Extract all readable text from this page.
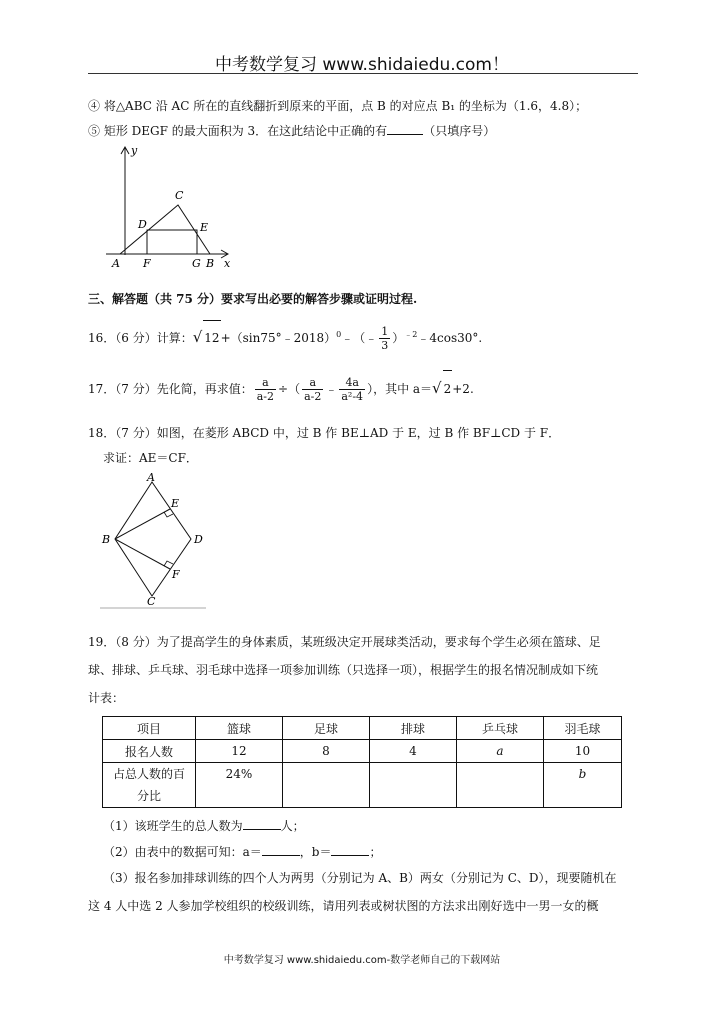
中考数学复习 www.shidaiedu.com！
④ 将△ABC 沿 AC 所在的直线翻折到原来的平面，点 B 的对应点 B₁ 的坐标为（1.6，4.8）；
⑤ 矩形 DEGF 的最大面积为 3．在这此结论中正确的有	（只填序号）
y
C
D	E
A F	G B x
三、解答题（共 75 分）要求写出必要的解答步骤或证明过程.
16．（6 分）计算：√ 12+（sin75°﹣2018）$^0$﹣（﹣ $\frac{1}{3}$ ）$^{﹣2}$﹣4cos30°.
17．（7 分）先化简，再求值： $\frac{a}{a-2}$ ÷（ $\frac{a}{a-2}$ ﹣ $\frac{4a}{\text{a²-4}}$ ），其中 a＝√ 2+2.
18．（7 分）如图，在菱形 ABCD 中，过 B 作 BE⊥AD 于 E，过 B 作 BF⊥CD 于 F．
求证：AE＝CF．
A
E
B	D
F
C
19．（8 分）为了提高学生的身体素质，某班级决定开展球类活动，要求每个学生必须在篮球、足
球、排球、乒乓球、羽毛球中选择一项参加训练（只选择一项），根据学生的报名情况制成如下统
计表：
项目	篮球	足球	排球	乒乓球	羽毛球
报名人数	12	8	4	a	10
占总人数的百
分比	24%				b
（1）该班学生的总人数为	人；
（2）由表中的数据可知：a＝	，b＝	；
（3）报名参加排球训练的四个人为两男（分别记为 A、B）两女（分别记为 C、D），现要随机在
这 4 人中选 2 人参加学校组织的校级训练，请用列表或树状图的方法求出刚好选中一男一女的概
中考数学复习 www.shidaiedu.com-数学老师自己的下载网站
